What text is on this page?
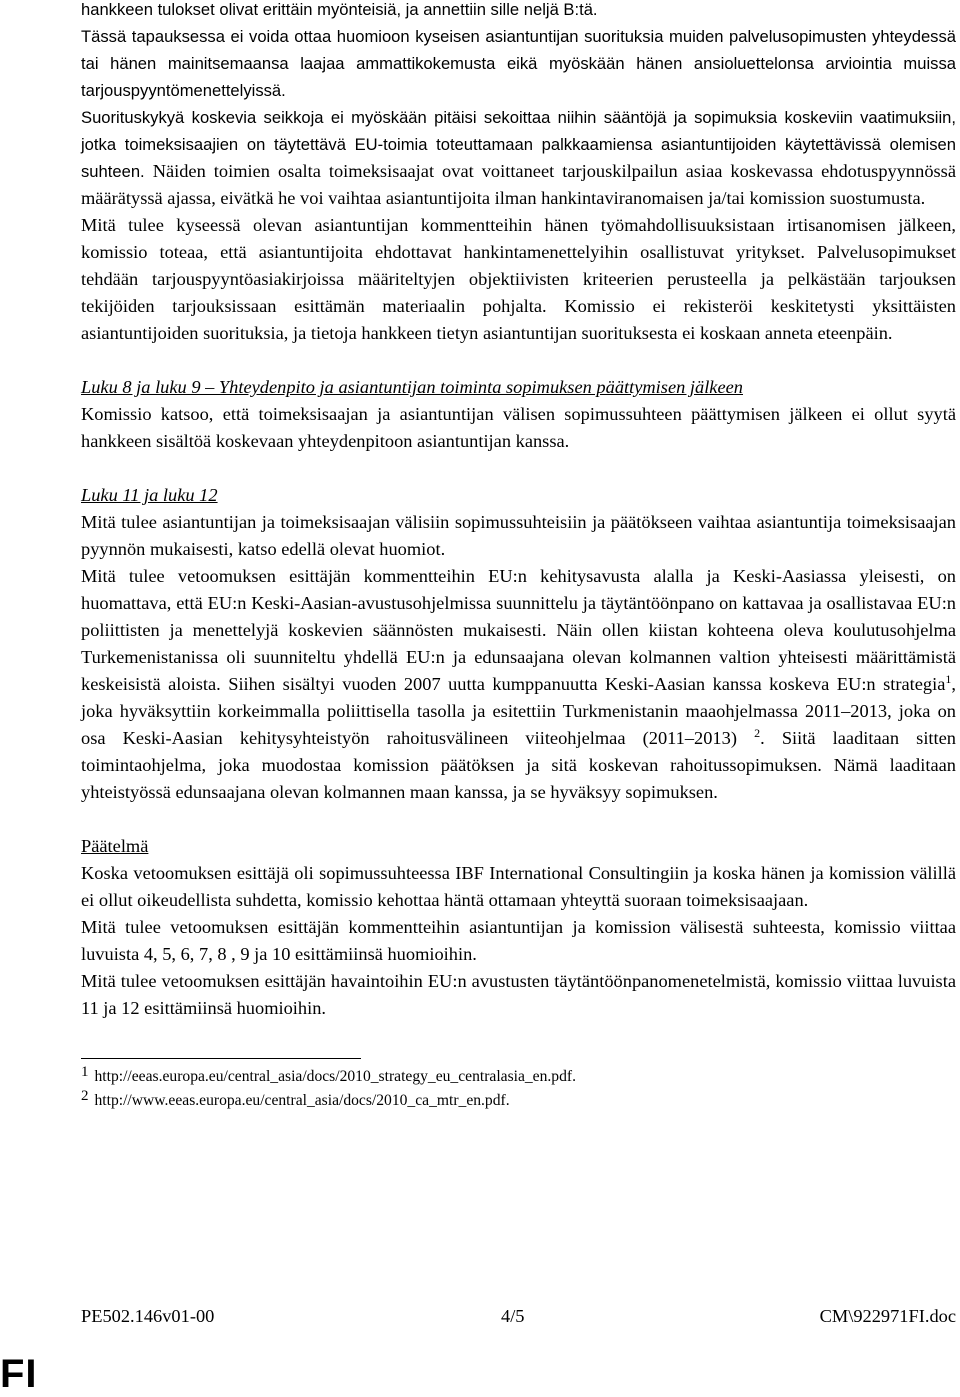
hankkeen tulokset olivat erittäin myönteisiä, ja annettiin sille neljä B:tä.

Tässä tapauksessa ei voida ottaa huomioon kyseisen asiantuntijan suorituksia muiden palvelusopimusten yhteydessä tai hänen mainitsemaansa laajaa ammattikokemusta eikä myöskään hänen ansioluettelonsa arviointia muissa tarjouspyyntömenettelyissä.

Suorituskykyä koskevia seikkoja ei myöskään pitäisi sekoittaa niihin sääntöjä ja sopimuksia koskeviin vaatimuksiin, jotka toimeksisaajien on täytettävä EU-toimia toteuttamaan palkkaamiensa asiantuntijoiden käytettävissä olemisen suhteen. Näiden toimien osalta toimeksisaajat ovat voittaneet tarjouskilpailun asiaa koskevassa ehdotuspyynnössä määrätyssä ajassa, eivätkä he voi vaihtaa asiantuntijoita ilman hankintaviranomaisen ja/tai komission suostumusta.

Mitä tulee kyseessä olevan asiantuntijan kommentteihin hänen työmahdollisuuksistaan irtisanomisen jälkeen, komissio toteaa, että asiantuntijoita ehdottavat hankintamenettelyihin osallistuvat yritykset. Palvelusopimukset tehdään tarjouspyyntöasiakirjoissa määriteltyjen objektiivisten kriteerien perusteella ja pelkästään tarjouksen tekijöiden tarjouksissaan esittämän materiaalin pohjalta. Komissio ei rekisteröi keskitetysti yksittäisten asiantuntijoiden suorituksia, ja tietoja hankkeen tietyn asiantuntijan suorituksesta ei koskaan anneta eteenpäin.

Luku 8 ja luku 9 – Yhteydenpito ja asiantuntijan toiminta sopimuksen päättymisen jälkeen

Komissio katsoo, että toimeksisaajan ja asiantuntijan välisen sopimussuhteen päättymisen jälkeen ei ollut syytä hankkeen sisältöä koskevaan yhteydenpitoon asiantuntijan kanssa.

Luku 11 ja luku 12

Mitä tulee asiantuntijan ja toimeksisaajan välisiin sopimussuhteisiin ja päätökseen vaihtaa asiantuntija toimeksisaajan pyynnön mukaisesti, katso edellä olevat huomiot.

Mitä tulee vetoomuksen esittäjän kommentteihin EU:n kehitysavusta alalla ja Keski-Aasiassa yleisesti, on huomattava, että EU:n Keski-Aasian-avustusohjelmissa suunnittelu ja täytäntöönpano on kattavaa ja osallistavaa EU:n poliittisten ja menettelyjä koskevien säännösten mukaisesti. Näin ollen kiistan kohteena oleva koulutusohjelma Turkemenistanissa oli suunniteltu yhdellä EU:n ja edunsaajana olevan kolmannen valtion yhteisesti määrittämistä keskeisistä aloista. Siihen sisältyi vuoden 2007 uutta kumppanuutta Keski-Aasian kanssa koskeva EU:n strategia$^1$, joka hyväksyttiin korkeimmalla poliittisella tasolla ja esitettiin Turkmenistanin maaohjelmassa 2011–2013, joka on osa Keski-Aasian kehitysyhteistyön rahoitusvälineen viiteohjelmaa (2011–2013) $^2$. Siitä laaditaan sitten toimintaohjelma, joka muodostaa komission päätöksen ja sitä koskevan rahoitussopimuksen. Nämä laaditaan yhteistyössä edunsaajana olevan kolmannen maan kanssa, ja se hyväksyy sopimuksen.

Päätelmä

Koska vetoomuksen esittäjä oli sopimussuhteessa IBF International Consultingiin ja koska hänen ja komission välillä ei ollut oikeudellista suhdetta, komissio kehottaa häntä ottamaan yhteyttä suoraan toimeksisaajaan.

Mitä tulee vetoomuksen esittäjän kommentteihin asiantuntijan ja komission välisestä suhteesta, komissio viittaa luvuista 4, 5, 6, 7, 8 , 9 ja 10 esittämiinsä huomioihin.

Mitä tulee vetoomuksen esittäjän havaintoihin EU:n avustusten täytäntöönpanomenetelmistä, komissio viittaa luvuista 11 ja 12 esittämiinsä huomioihin.

1 http://eeas.europa.eu/central_asia/docs/2010_strategy_eu_centralasia_en.pdf.

2 http://www.eeas.europa.eu/central_asia/docs/2010_ca_mtr_en.pdf.

PE502.146v01-00	4/5	CM\922971FI.doc
FI
